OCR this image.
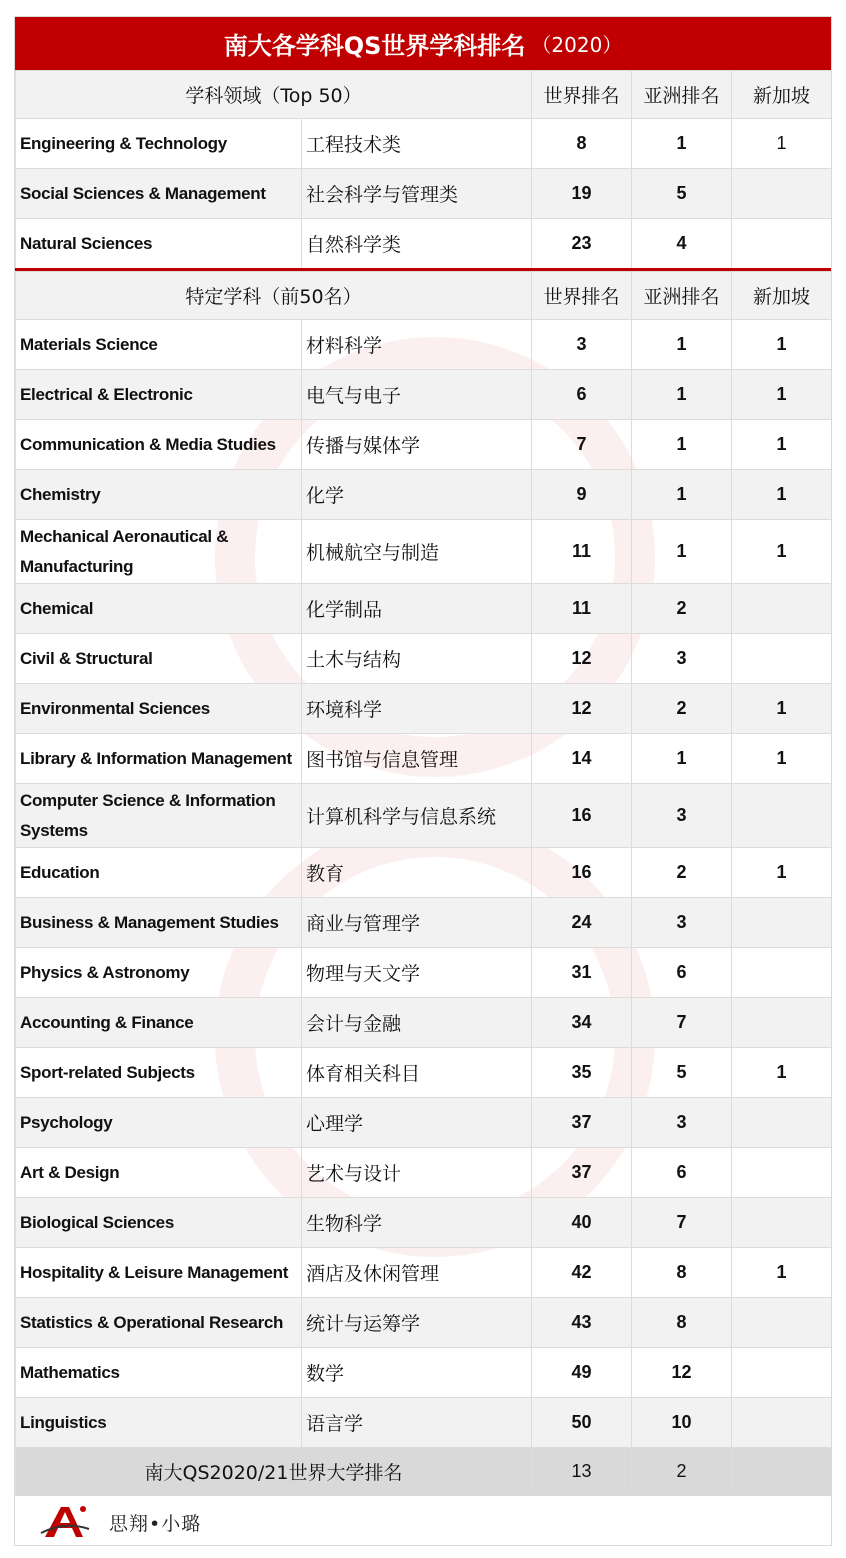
南大各学科QS世界学科排名 （2020）
学科领域（Top 50）		世界排名	亚洲排名	新加坡
Engineering & Technology	工程技术类	8	1	1
Social Sciences & Management	社会科学与管理类	19	5	
Natural Sciences	自然科学类	23	4	
特定学科（前50名）		世界排名	亚洲排名	新加坡
Materials Science	材料科学	3	1	1
Electrical & Electronic	电气与电子	6	1	1
Communication & Media Studies	传播与媒体学	7	1	1
Chemistry	化学	9	1	1
Mechanical Aeronautical & Manufacturing	机械航空与制造	11	1	1
Chemical	化学制品	11	2	
Civil & Structural	土木与结构	12	3	
Environmental Sciences	环境科学	12	2	1
Library & Information Management	图书馆与信息管理	14	1	1
Computer Science & Information Systems	计算机科学与信息系统	16	3	
Education	教育	16	2	1
Business & Management Studies	商业与管理学	24	3	
Physics & Astronomy	物理与天文学	31	6	
Accounting & Finance	会计与金融	34	7	
Sport-related Subjects	体育相关科目	35	5	1
Psychology	心理学	37	3	
Art & Design	艺术与设计	37	6	
Biological Sciences	生物科学	40	7	
Hospitality & Leisure Management	酒店及休闲管理	42	8	1
Statistics & Operational Research	统计与运筹学	43	8	
Mathematics	数学	49	12	
Linguistics	语言学	50	10	
南大QS2020/21世界大学排名		13	2	
思翔•小璐
